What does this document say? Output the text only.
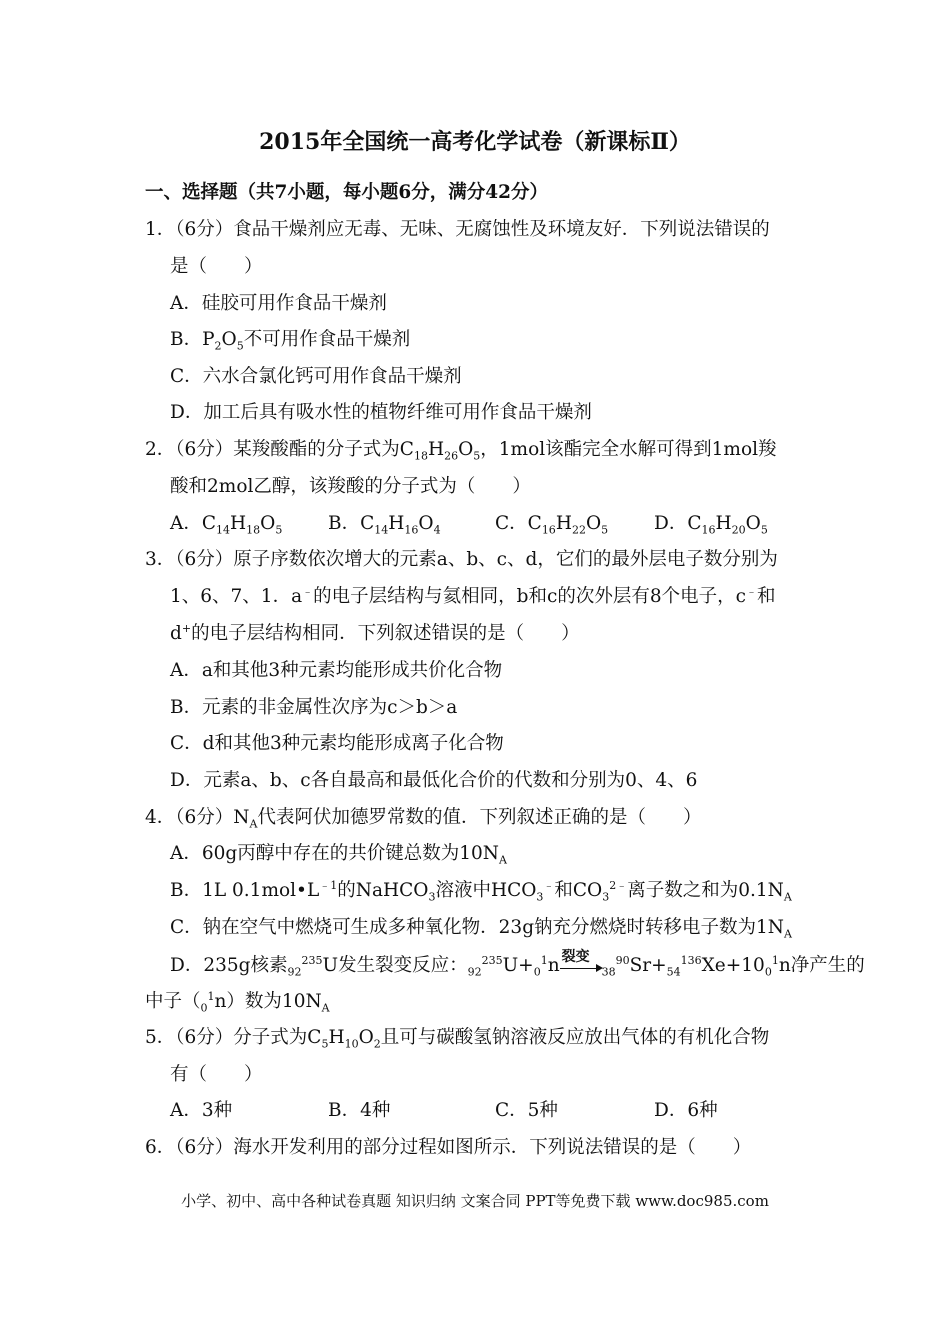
2015年全国统一高考化学试卷（新课标Ⅱ）
一、选择题（共7小题，每小题6分，满分42分）
1．（6分）食品干燥剂应无毒、无味、无腐蚀性及环境友好．下列说法错误的
是（　　）
A．硅胶可用作食品干燥剂
B．$P_2O_5$不可用作食品干燥剂
C．六水合氯化钙可用作食品干燥剂
D．加工后具有吸水性的植物纤维可用作食品干燥剂
2．（6分）某羧酸酯的分子式为$C_{18}H_{26}O_5$，1mol该酯完全水解可得到1mol羧
酸和2mol乙醇，该羧酸的分子式为（　　）
A．$C_{14}H_{18}O_5$ B．$C_{14}H_{16}O_4$	C．$C_{16}H_{22}O_5$ D．$C_{16}H_{20}O_5$
3．（6分）原子序数依次增大的元素a、b、c、d，它们的最外层电子数分别为
1、6、7、1．a﹣的电子层结构与氦相同，b和c的次外层有8个电子，c﹣和
d+的电子层结构相同．下列叙述错误的是（　　）
A．a和其他3种元素均能形成共价化合物
B．元素的非金属性次序为c＞b＞a
C．d和其他3种元素均能形成离子化合物
D．元素a、b、c各自最高和最低化合价的代数和分别为0、4、6
4．（6分）$N_A$代表阿伏加德罗常数的值．下列叙述正确的是（　　）
A．60g丙醇中存在的共价键总数为$10N_A$
B．1L $0.1mol•L^{﹣1}$的NaHCO$_3$溶液中$HCO_3^﹣$和$CO_3^{2﹣}$离子数之和为$0.1N_A$
C．钠在空气中燃烧可生成多种氧化物．23g钠充分燃烧时转移电子数为$1N_A$
D．235g核素$_{92}^{235}$U发生裂变反应：$_{92}^{235}U+_0^1n$ 裂变
$_{38}^{90}Sr+_{54}^{136}Xe+10_0^1n$净产生的
中子$(_0^1n)$数为$10N_A$
5．（6分）分子式为$C_5H_{10}O_2$且可与碳酸氢钠溶液反应放出气体的有机化合物
有（　　）
A．3种	B．4种	C．5种	D．6种
6．（6分）海水开发利用的部分过程如图所示．下列说法错误的是（　　）
小学、初中、高中各种试卷真题 知识归纳 文案合同 PPT等免费下载 www.doc985.com
